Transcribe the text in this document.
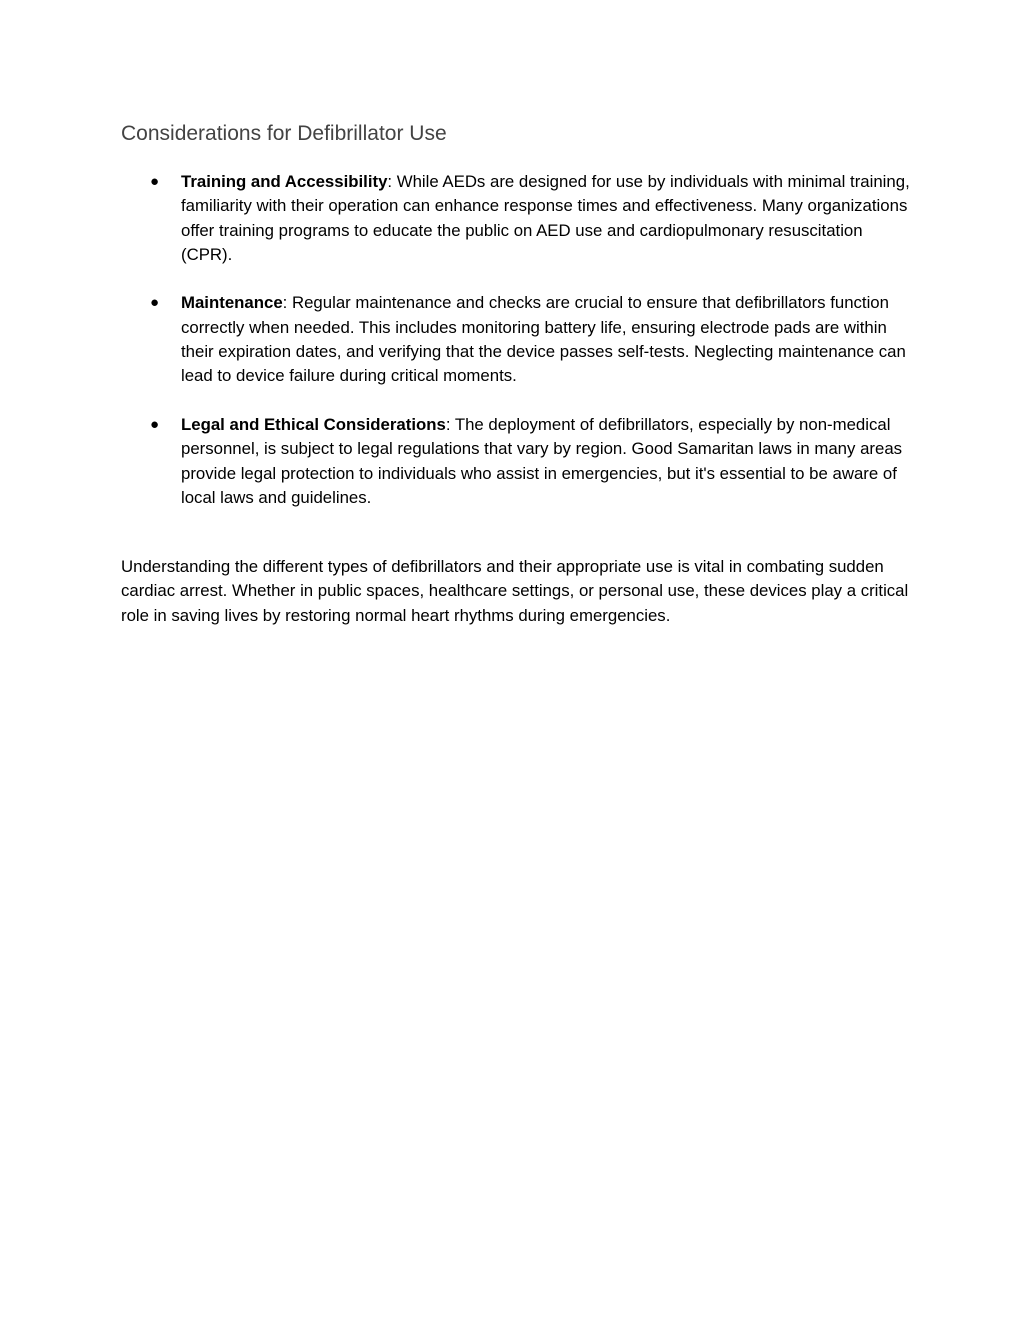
Considerations for Defibrillator Use
● Training and Accessibility: While AEDs are designed for use by individuals with minimal training, familiarity with their operation can enhance response times and effectiveness. Many organizations offer training programs to educate the public on AED use and cardiopulmonary resuscitation (CPR).
● Maintenance: Regular maintenance and checks are crucial to ensure that defibrillators function correctly when needed. This includes monitoring battery life, ensuring electrode pads are within their expiration dates, and verifying that the device passes self-tests. Neglecting maintenance can lead to device failure during critical moments.
● Legal and Ethical Considerations: The deployment of defibrillators, especially by non-medical personnel, is subject to legal regulations that vary by region. Good Samaritan laws in many areas provide legal protection to individuals who assist in emergencies, but it's essential to be aware of local laws and guidelines.

Understanding the different types of defibrillators and their appropriate use is vital in combating sudden cardiac arrest. Whether in public spaces, healthcare settings, or personal use, these devices play a critical role in saving lives by restoring normal heart rhythms during emergencies.
